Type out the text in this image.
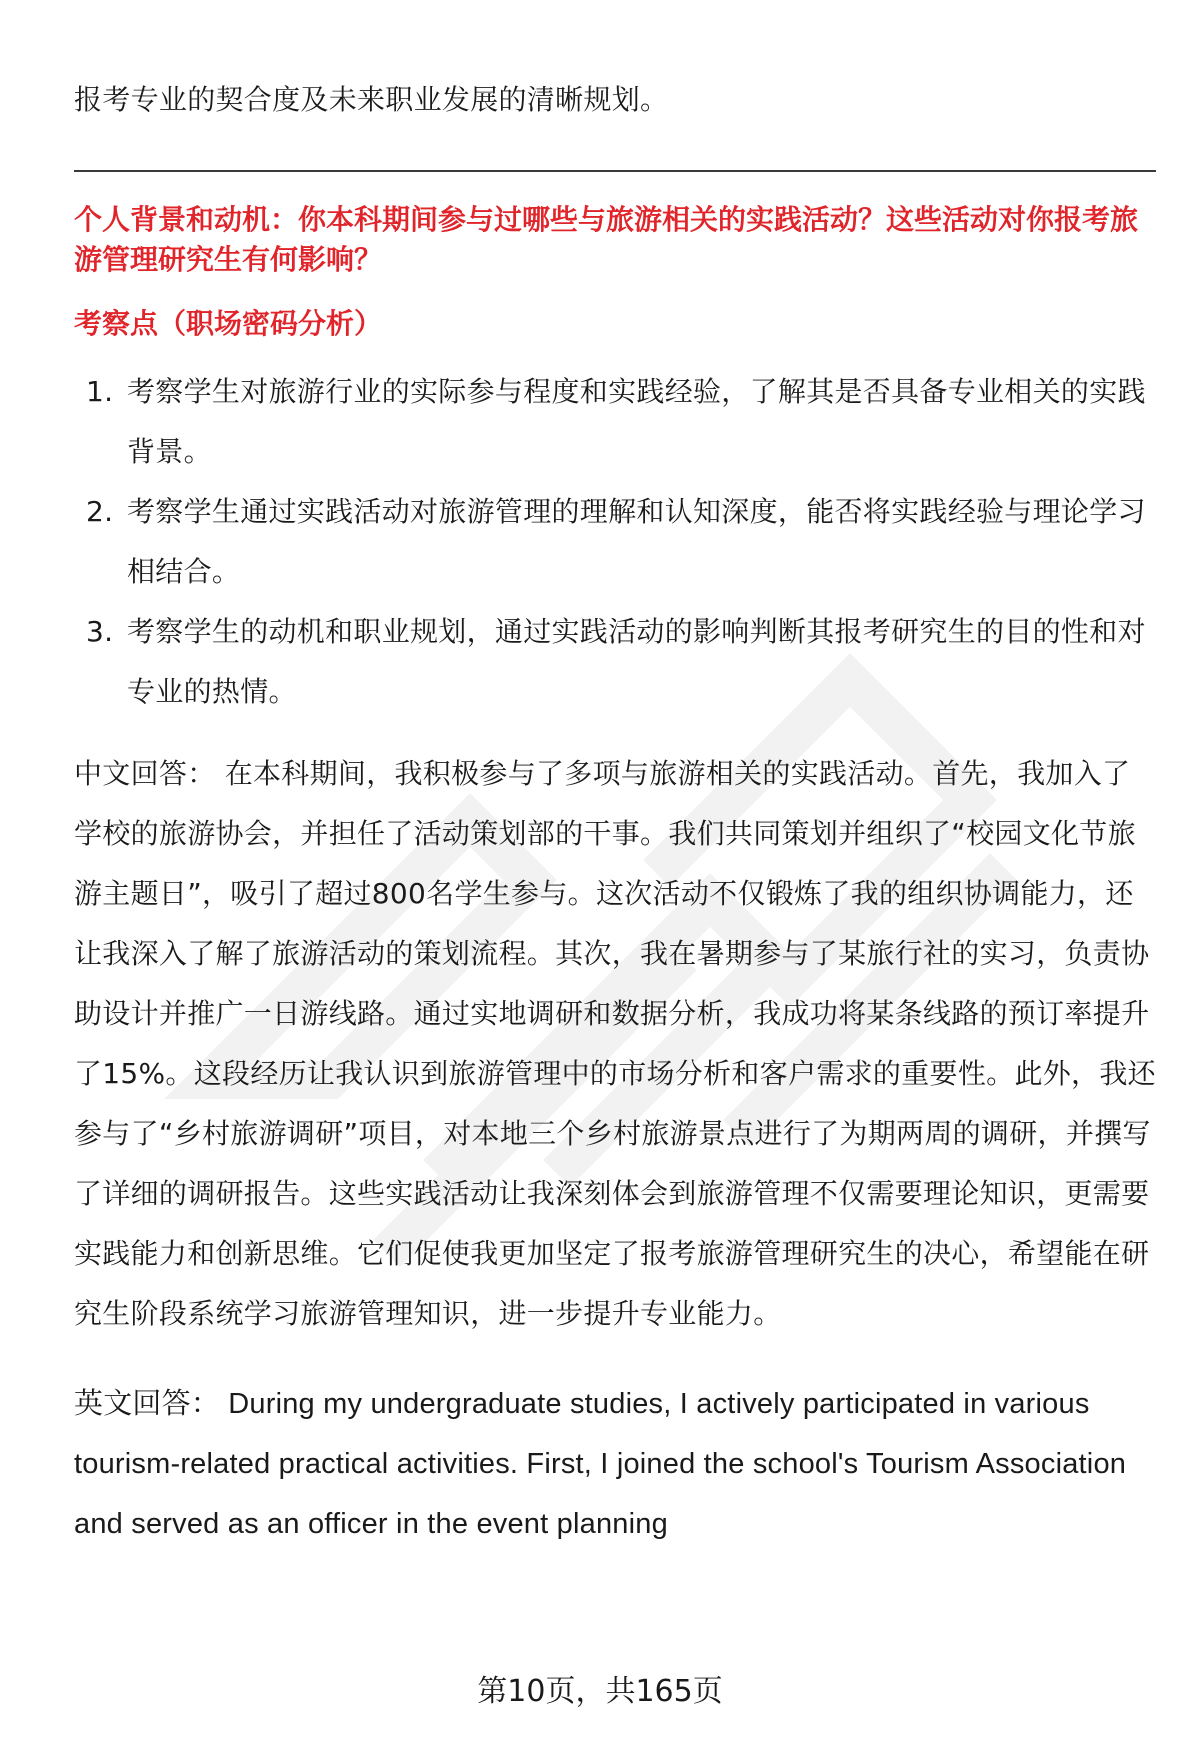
报考专业的契合度及未来职业发展的清晰规划。

个人背景和动机：你本科期间参与过哪些与旅游相关的实践活动？这些活动对你报考旅游管理研究生有何影响？

考察点（职场密码分析）

1. 考察学生对旅游行业的实际参与程度和实践经验，了解其是否具备专业相关的实践背景。
2. 考察学生通过实践活动对旅游管理的理解和认知深度，能否将实践经验与理论学习相结合。
3. 考察学生的动机和职业规划，通过实践活动的影响判断其报考研究生的目的性和对专业的热情。

中文回答： 在本科期间，我积极参与了多项与旅游相关的实践活动。首先，我加入了学校的旅游协会，并担任了活动策划部的干事。我们共同策划并组织了“校园文化节旅游主题日”，吸引了超过800名学生参与。这次活动不仅锻炼了我的组织协调能力，还让我深入了解了旅游活动的策划流程。其次，我在暑期参与了某旅行社的实习，负责协助设计并推广一日游线路。通过实地调研和数据分析，我成功将某条线路的预订率提升了15%。这段经历让我认识到旅游管理中的市场分析和客户需求的重要性。此外，我还参与了“乡村旅游调研”项目，对本地三个乡村旅游景点进行了为期两周的调研，并撰写了详细的调研报告。这些实践活动让我深刻体会到旅游管理不仅需要理论知识，更需要实践能力和创新思维。它们促使我更加坚定了报考旅游管理研究生的决心，希望能在研究生阶段系统学习旅游管理知识，进一步提升专业能力。

英文回答： During my undergraduate studies, I actively participated in various tourism-related practical activities. First, I joined the school's Tourism Association and served as an officer in the event planning

第10页，共165页
